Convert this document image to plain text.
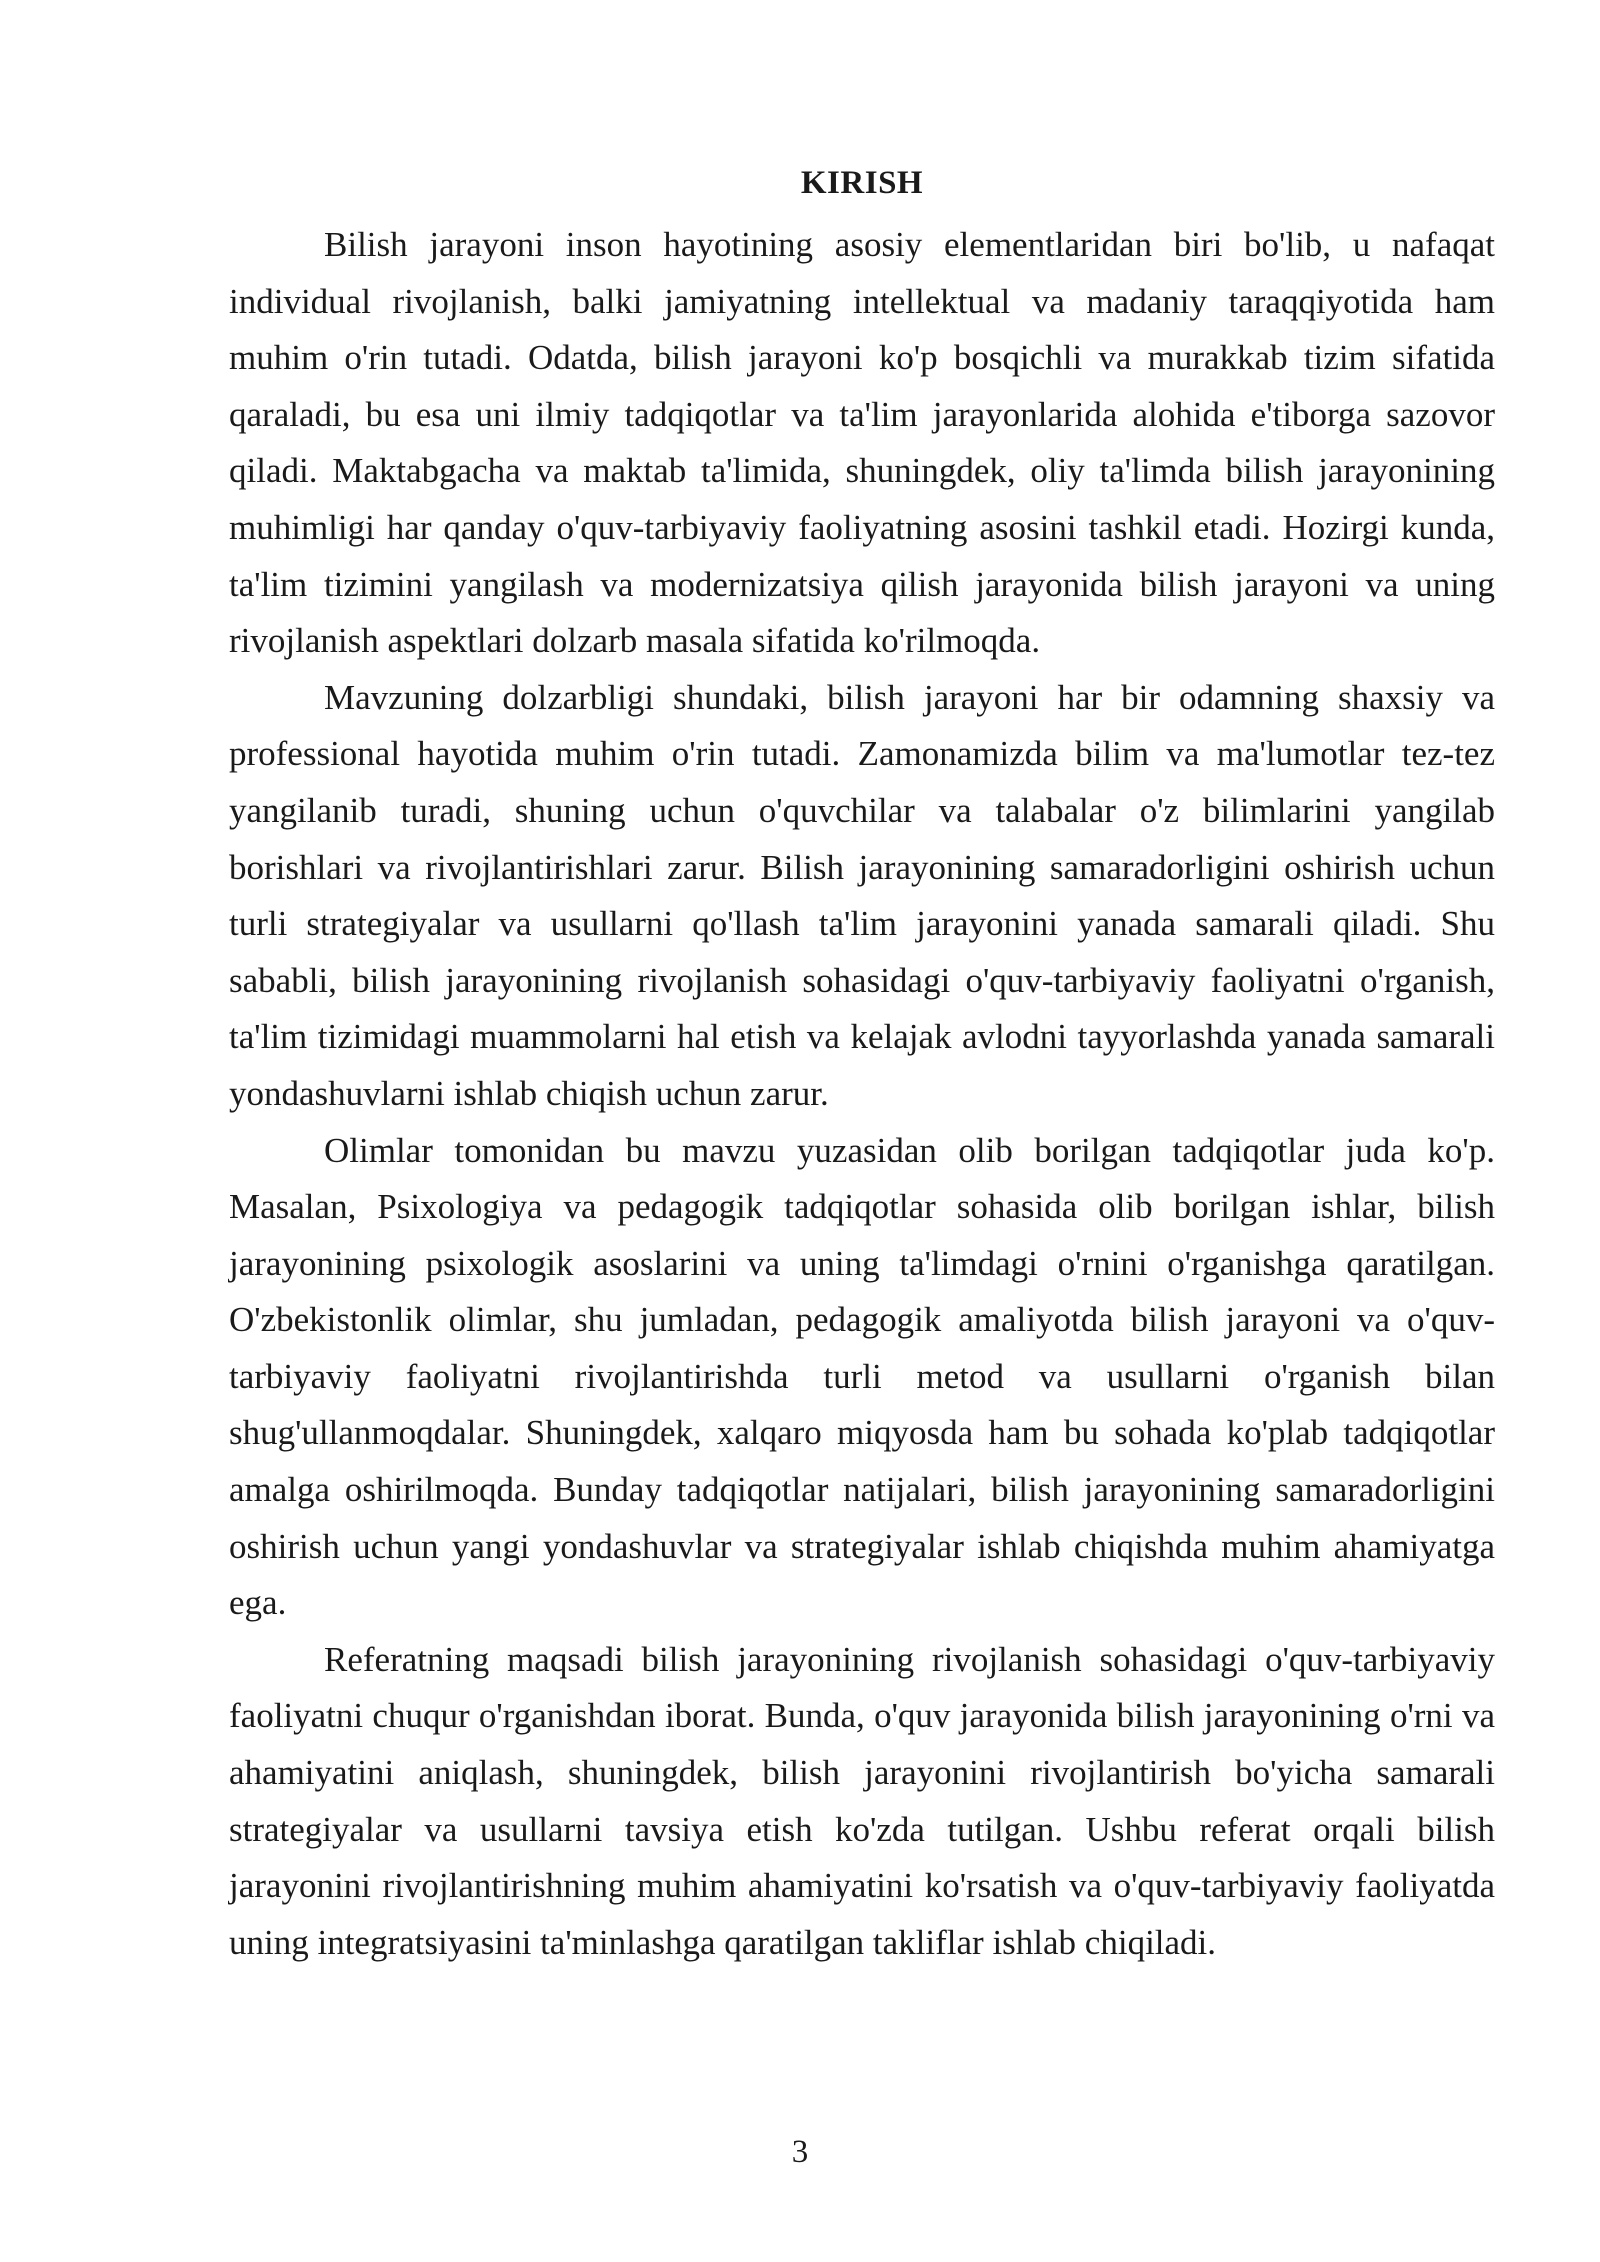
KIRISH

Bilish jarayoni inson hayotining asosiy elementlaridan biri bo'lib, u nafaqat individual rivojlanish, balki jamiyatning intellektual va madaniy taraqqiyotida ham muhim o'rin tutadi. Odatda, bilish jarayoni ko'p bosqichli va murakkab tizim sifatida qaraladi, bu esa uni ilmiy tadqiqotlar va ta'lim jarayonlarida alohida e'tiborga sazovor qiladi. Maktabgacha va maktab ta'limida, shuningdek, oliy ta'limda bilish jarayonining muhimligi har qanday o'quv-tarbiyaviy faoliyatning asosini tashkil etadi. Hozirgi kunda, ta'lim tizimini yangilash va modernizatsiya qilish jarayonida bilish jarayoni va uning rivojlanish aspektlari dolzarb masala sifatida ko'rilmoqda.

Mavzuning dolzarbligi shundaki, bilish jarayoni har bir odamning shaxsiy va professional hayotida muhim o'rin tutadi. Zamonamizda bilim va ma'lumotlar tez-tez yangilanib turadi, shuning uchun o'quvchilar va talabalar o'z bilimlarini yangilab borishlari va rivojlantirishlari zarur. Bilish jarayonining samaradorligini oshirish uchun turli strategiyalar va usullarni qo'llash ta'lim jarayonini yanada samarali qiladi. Shu sababli, bilish jarayonining rivojlanish sohasidagi o'quv-tarbiyaviy faoliyatni o'rganish, ta'lim tizimidagi muammolarni hal etish va kelajak avlodni tayyorlashda yanada samarali yondashuvlarni ishlab chiqish uchun zarur.

Olimlar tomonidan bu mavzu yuzasidan olib borilgan tadqiqotlar juda ko'p. Masalan, Psixologiya va pedagogik tadqiqotlar sohasida olib borilgan ishlar, bilish jarayonining psixologik asoslarini va uning ta'limdagi o'rnini o'rganishga qaratilgan. O'zbekistonlik olimlar, shu jumladan, pedagogik amaliyotda bilish jarayoni va o'quv-tarbiyaviy faoliyatni rivojlantirishda turli metod va usullarni o'rganish bilan shug'ullanmoqdalar. Shuningdek, xalqaro miqyosda ham bu sohada ko'plab tadqiqotlar amalga oshirilmoqda. Bunday tadqiqotlar natijalari, bilish jarayonining samaradorligini oshirish uchun yangi yondashuvlar va strategiyalar ishlab chiqishda muhim ahamiyatga ega.

Referatning maqsadi bilish jarayonining rivojlanish sohasidagi o'quv-tarbiyaviy faoliyatni chuqur o'rganishdan iborat. Bunda, o'quv jarayonida bilish jarayonining o'rni va ahamiyatini aniqlash, shuningdek, bilish jarayonini rivojlantirish bo'yicha samarali strategiyalar va usullarni tavsiya etish ko'zda tutilgan. Ushbu referat orqali bilish jarayonini rivojlantirishning muhim ahamiyatini ko'rsatish va o'quv-tarbiyaviy faoliyatda uning integratsiyasini ta'minlashga qaratilgan takliflar ishlab chiqiladi.

3
